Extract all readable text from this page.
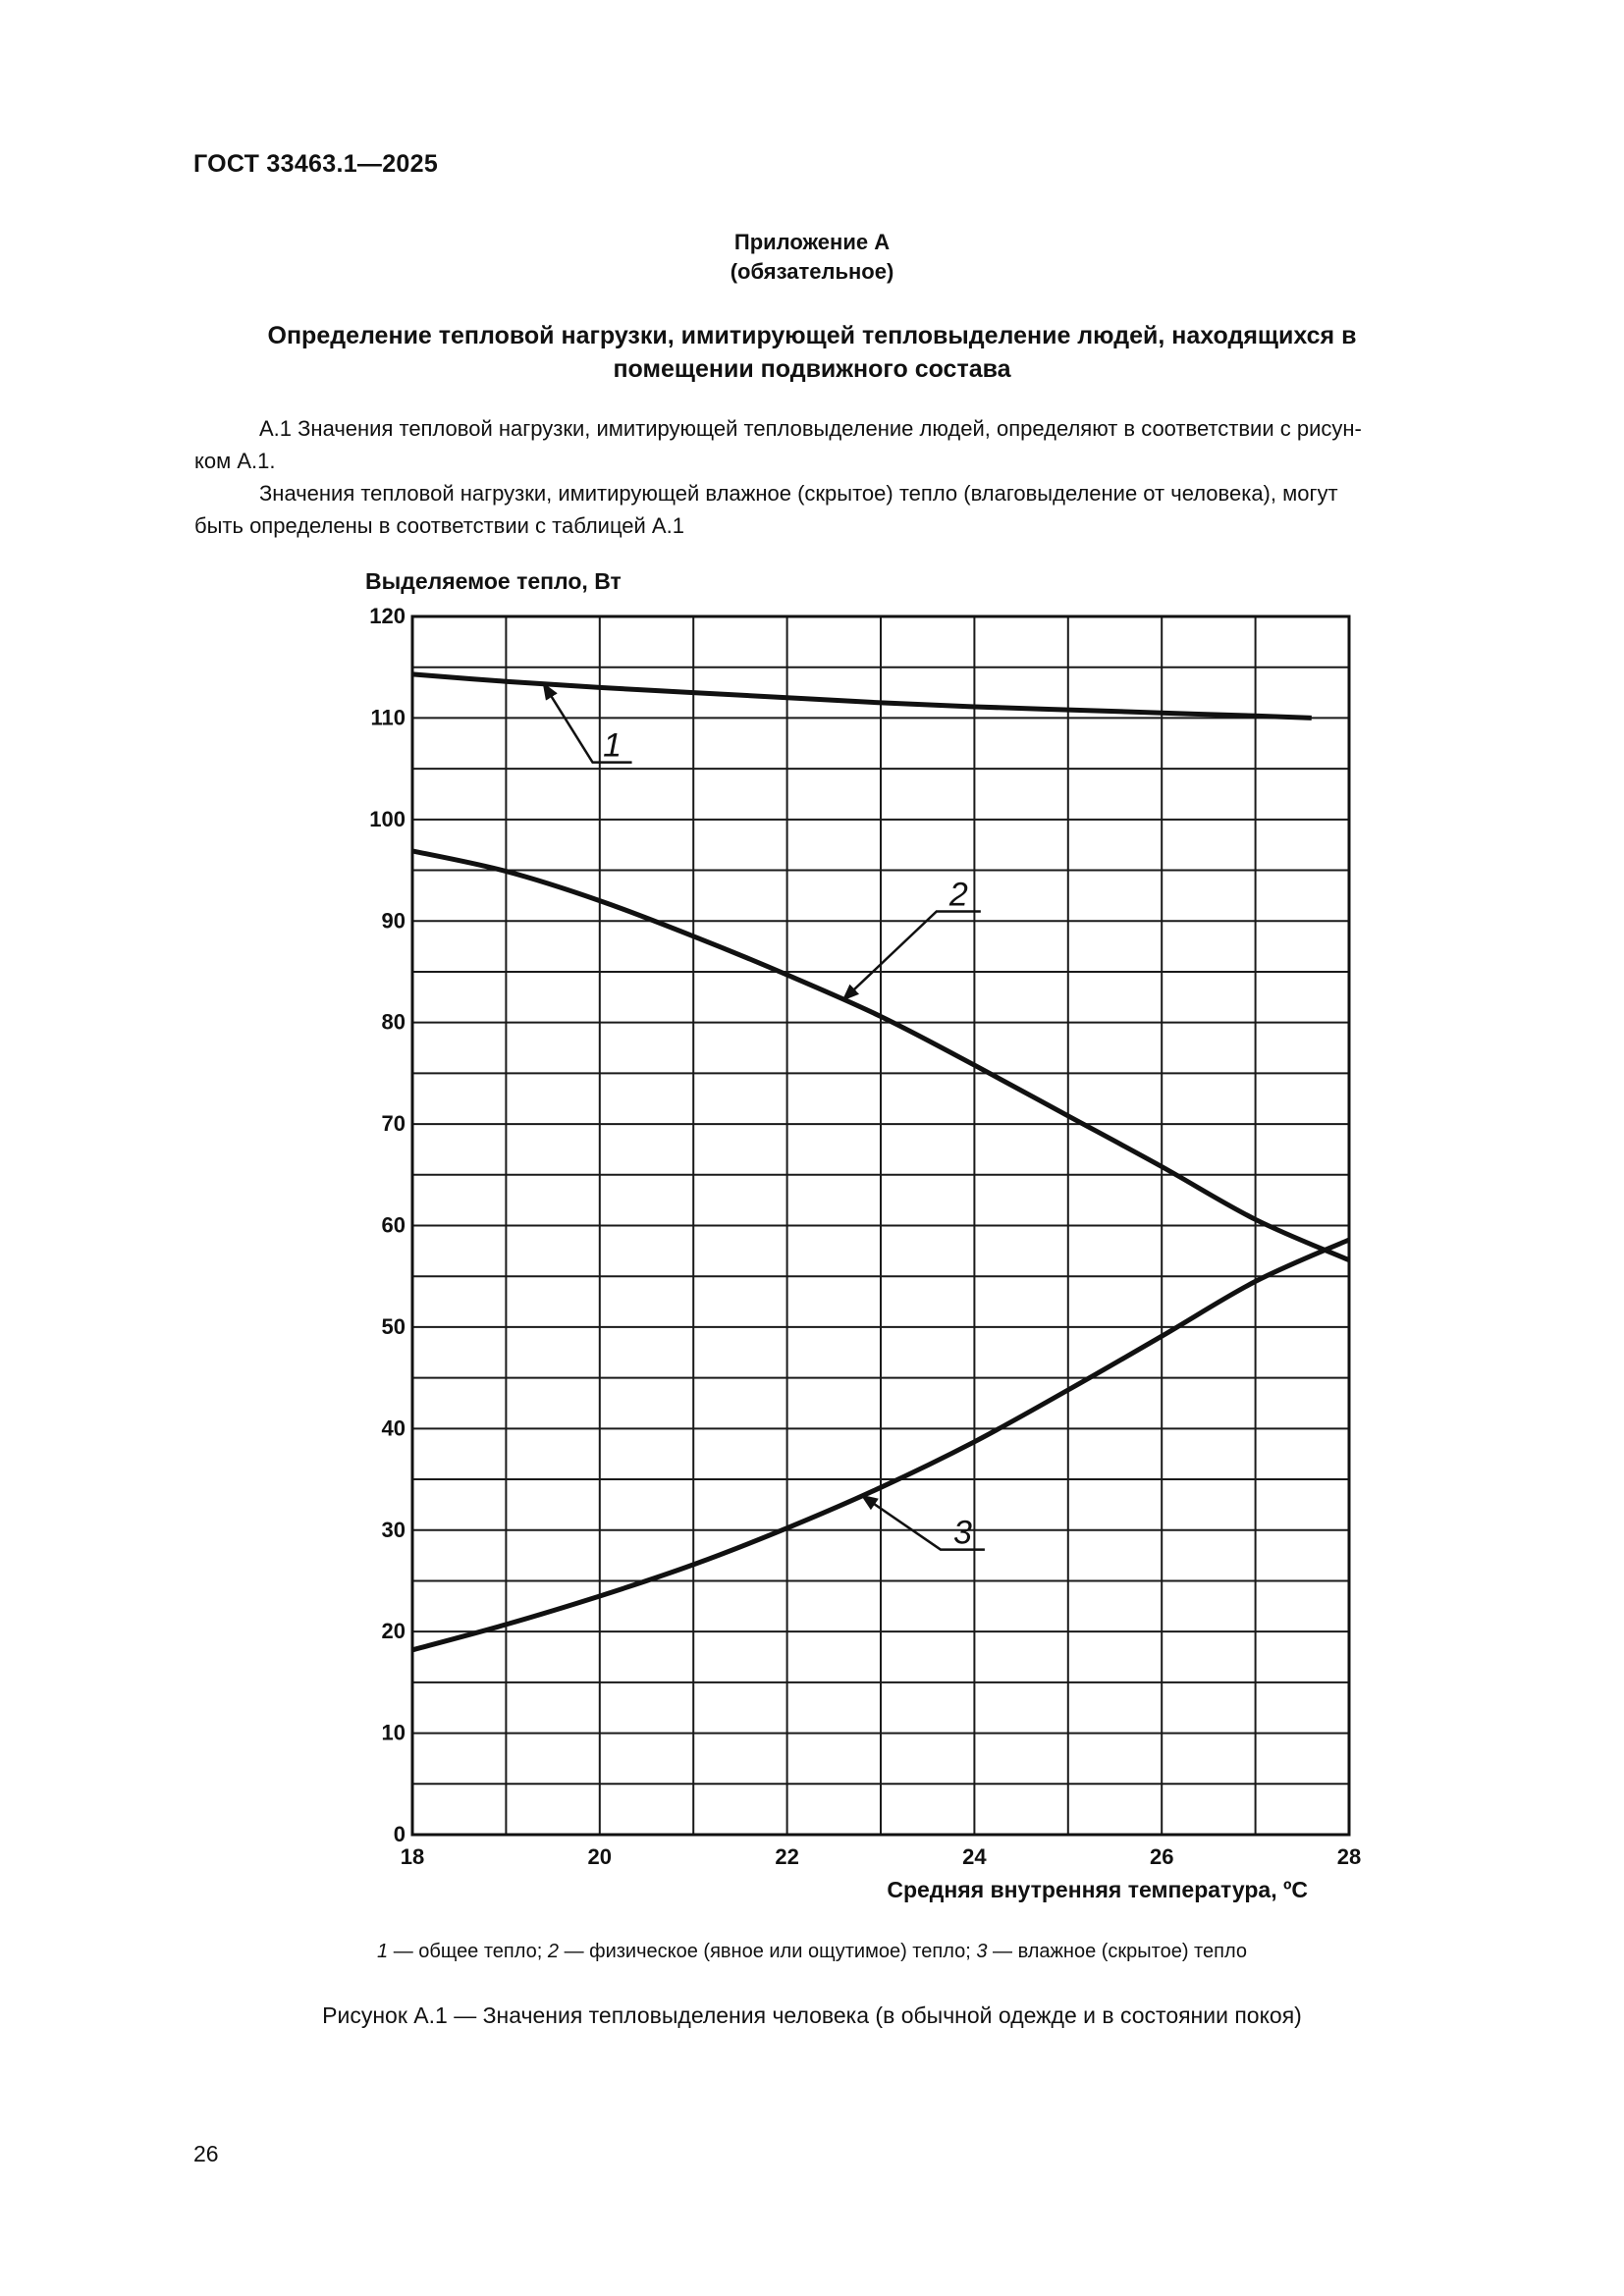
ГОСТ 33463.1—2025
Приложение А
(обязательное)
Определение тепловой нагрузки, имитирующей тепловыделение людей, находящихся в
помещении подвижного состава

А.1 Значения тепловой нагрузки, имитирующей тепловыделение людей, определяют в соответствии с рисун-

ком А.1.

Значения тепловой нагрузки, имитирующей влажное (скрытое) тепло (влаговыделение от человека), могут

быть определены в соответствии с таблицей А.1

0
10
20
30
40
50
60
70
80
90
100
110
120
18	20	22	24	26	28
1
2
3
Выделяемое тепло, Вт
Средняя внутренняя температура, ºС
1 — общее тепло; 2 — физическое (явное или ощутимое) тепло; 3 — влажное (скрытое) тепло
Рисунок А.1 — Значения тепловыделения человека (в обычной одежде и в состоянии покоя)
26
